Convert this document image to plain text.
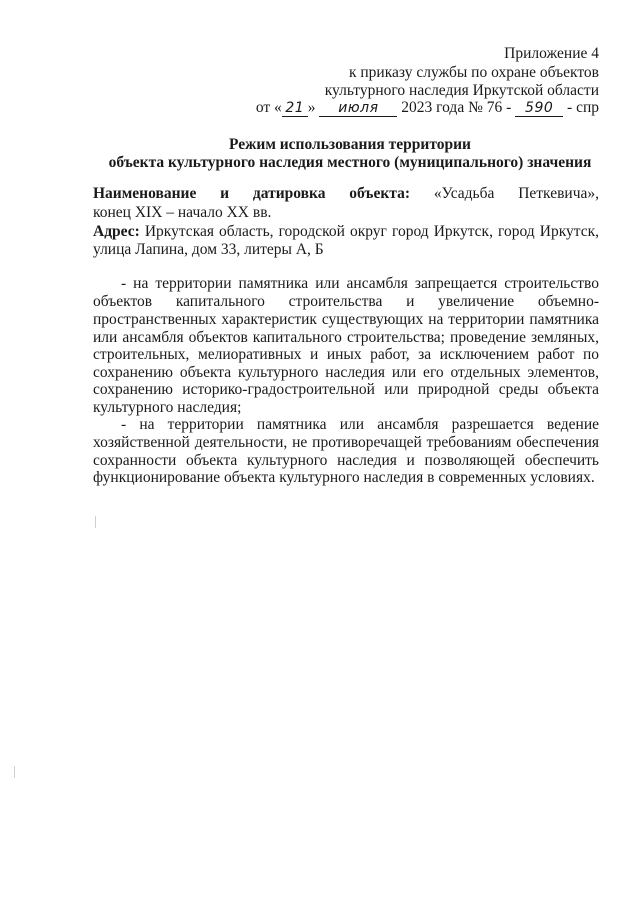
Приложение 4
к приказу службы по охране объектов
культурного наследия Иркутской области
от « 21 » июля 2023 года № 76 - 590 - спр
Режим использования территории
объекта культурного наследия местного (муниципального) значения
Наименование и датировка объекта: «Усадьба Петкевича»,
конец XIX – начало XX вв.
Адрес: Иркутская область, городской округ город Иркутск, город Иркутск,
улица Лапина, дом 33, литеры А, Б
- на территории памятника или ансамбля запрещается строительство
объектов капитального строительства и увеличение объемно-
пространственных характеристик существующих на территории памятника
или ансамбля объектов капитального строительства; проведение земляных,
строительных, мелиоративных и иных работ, за исключением работ по
сохранению объекта культурного наследия или его отдельных элементов,
сохранению историко-градостроительной или природной среды объекта
культурного наследия;
- на территории памятника или ансамбля разрешается ведение
хозяйственной деятельности, не противоречащей требованиям обеспечения
сохранности объекта культурного наследия и позволяющей обеспечить
функционирование объекта культурного наследия в современных условиях.
